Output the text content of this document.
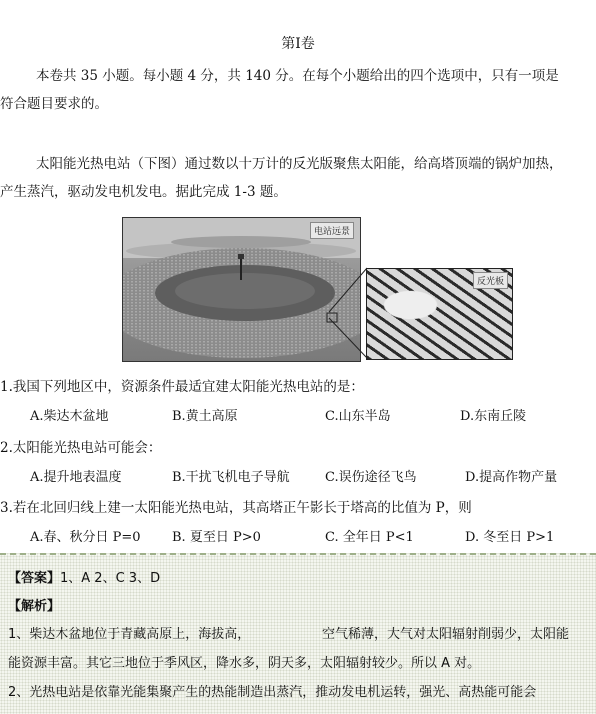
第Ⅰ卷
本卷共 35 小题。每小题 4 分，共 140 分。在每个小题给出的四个选项中，只有一项是
符合题目要求的。
太阳能光热电站（下图）通过数以十万计的反光版聚焦太阳能，给高塔顶端的锅炉加热，
产生蒸汽，驱动发电机发电。据此完成 1-3 题。
电站远景
反光板
1.我国下列地区中，资源条件最适宜建太阳能光热电站的是：
A.柴达木盆地	B.黄土高原	C.山东半岛	D.东南丘陵
2.太阳能光热电站可能会：
A.提升地表温度	B.干扰飞机电子导航	C.误伤途径飞鸟	D.提高作物产量
3.若在北回归线上建一太阳能光热电站，其高塔正午影长于塔高的比值为 P，则
A.春、秋分日 P=0 B. 夏至日 P>0	C. 全年日 P<1	D. 冬至日 P>1
【答案】1、A 2、C 3、D
【解析】
1、柴达木盆地位于青藏高原上，海拔高，	空气稀薄，大气对太阳辐射削弱少，太阳能
能资源丰富。其它三地位于季风区，降水多，阴天多，太阳辐射较少。所以 A 对。
2、光热电站是依靠光能集聚产生的热能制造出蒸汽，推动发电机运转，强光、高热能可能会
